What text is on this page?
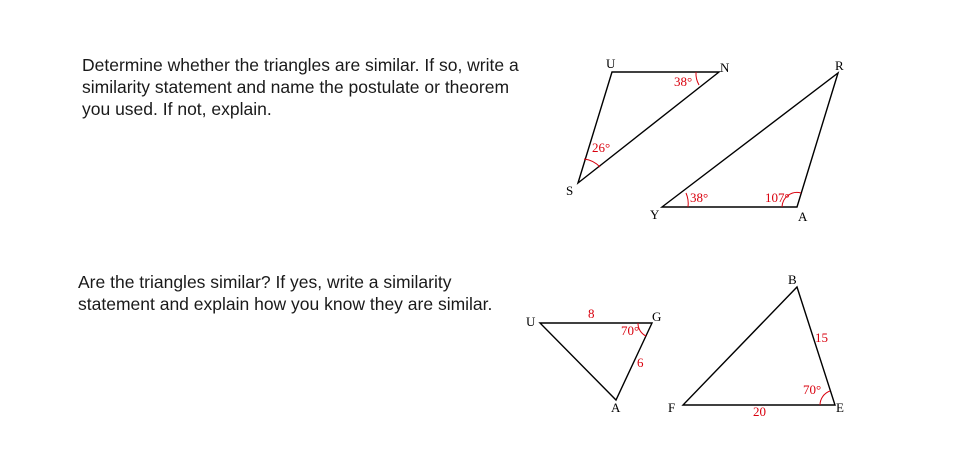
Determine whether the triangles are similar. If so, write a
similarity statement and name the postulate or theorem
you used. If not, explain.
Are the triangles similar? If yes, write a similarity
statement and explain how you know they are similar.
U	N
S
38°
26°
R
A
Y
38°	107°
U	G
A
8
6
70°
B
E
F
15
20
70°
